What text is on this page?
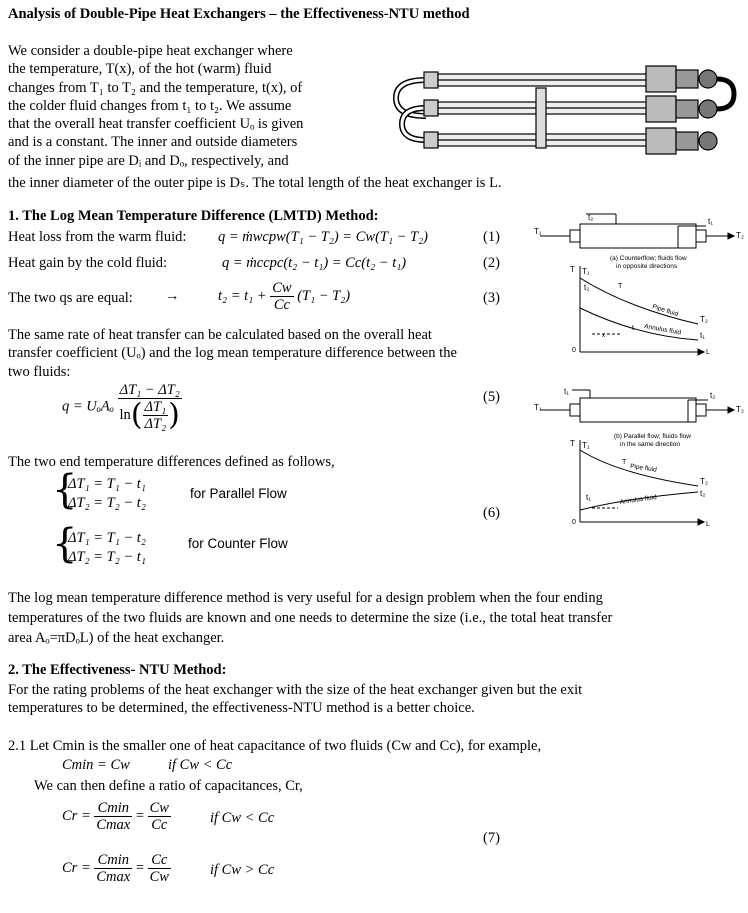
Analysis of Double-Pipe Heat Exchangers – the Effectiveness-NTU method
We consider a double-pipe heat exchanger where
the temperature, T(x), of the hot (warm) fluid
changes from T₁ to T₂ and the temperature, t(x), of
the colder fluid changes from t₁ to t₂. We assume
that the overall heat transfer coefficient Uₒ is given
and is a constant. The inner and outside diameters
of the inner pipe are Dᵢ and Dₒ, respectively, and
the inner diameter of the outer pipe is Dₛ. The total length of the heat exchanger is L.
1. The Log Mean Temperature Difference (LMTD) Method:
Heat loss from the warm fluid: q = ṁwcpw(T₁ − T₂) = Cw(T₁ − T₂)	(1)
Heat gain by the cold fluid:	q = ṁccpc(t₂ − t₁) = Cc(t₂ − t₁)	(2)
The two qs are equal: →	$t_2 = t_1 + \frac{Cw}{Cc} (T_1 - T_2)$	(3)
The same rate of heat transfer can be calculated based on the overall heat
transfer coefficient (Uₒ) and the log mean temperature difference between the
two fluids:
q = UₒAₒ $\frac{\text{ΔT₁ − ΔT₂}}{\ln( \frac{\text{ΔT₁}}{\text{ΔT₂}} )}$	(5)
The two end temperature differences defined as follows,
{
ΔT₁ = T₁ − t₁
ΔT₂ = T₂ − t₂
for Parallel Flow
(6)
{
ΔT₁ = T₁ − t₂
ΔT₂ = T₂ − t₁
for Counter Flow
T₁
t₂	t₁
T₂
(a) Counterflow; fluids flow
in opposite directions
T T₁
t₂	T
Pipe fluid
Annulus fluid
t
T₂
t₁
0	L
x
T₁
t₁	t₂
T₂
(b) Parallel flow; fluids flow
in the same direction
T T₁
T
Pipe fluid
Annulus fluid
T₂
t₂
t₁
0	L
The log mean temperature difference method is very useful for a design problem when the four ending
temperatures of the two fluids are known and one needs to determine the size (i.e., the total heat transfer
area Aₒ=πDₒL) of the heat exchanger.
2. The Effectiveness- NTU Method:
For the rating problems of the heat exchanger with the size of the heat exchanger given but the exit
temperatures to be determined, the effectiveness-NTU method is a better choice.
2.1 Let Cmin is the smaller one of heat capacitance of two fluids (Cw and Cc), for example,
Cmin = Cw	if Cw < Cc
We can then define a ratio of capacitances, Cr,
$Cr = \frac{Cmin}{Cmax} = \frac{Cw}{Cc}$	if Cw < Cc
(7)
$Cr = \frac{Cmin}{Cmax} = \frac{Cc}{Cw}$	if Cw > Cc
